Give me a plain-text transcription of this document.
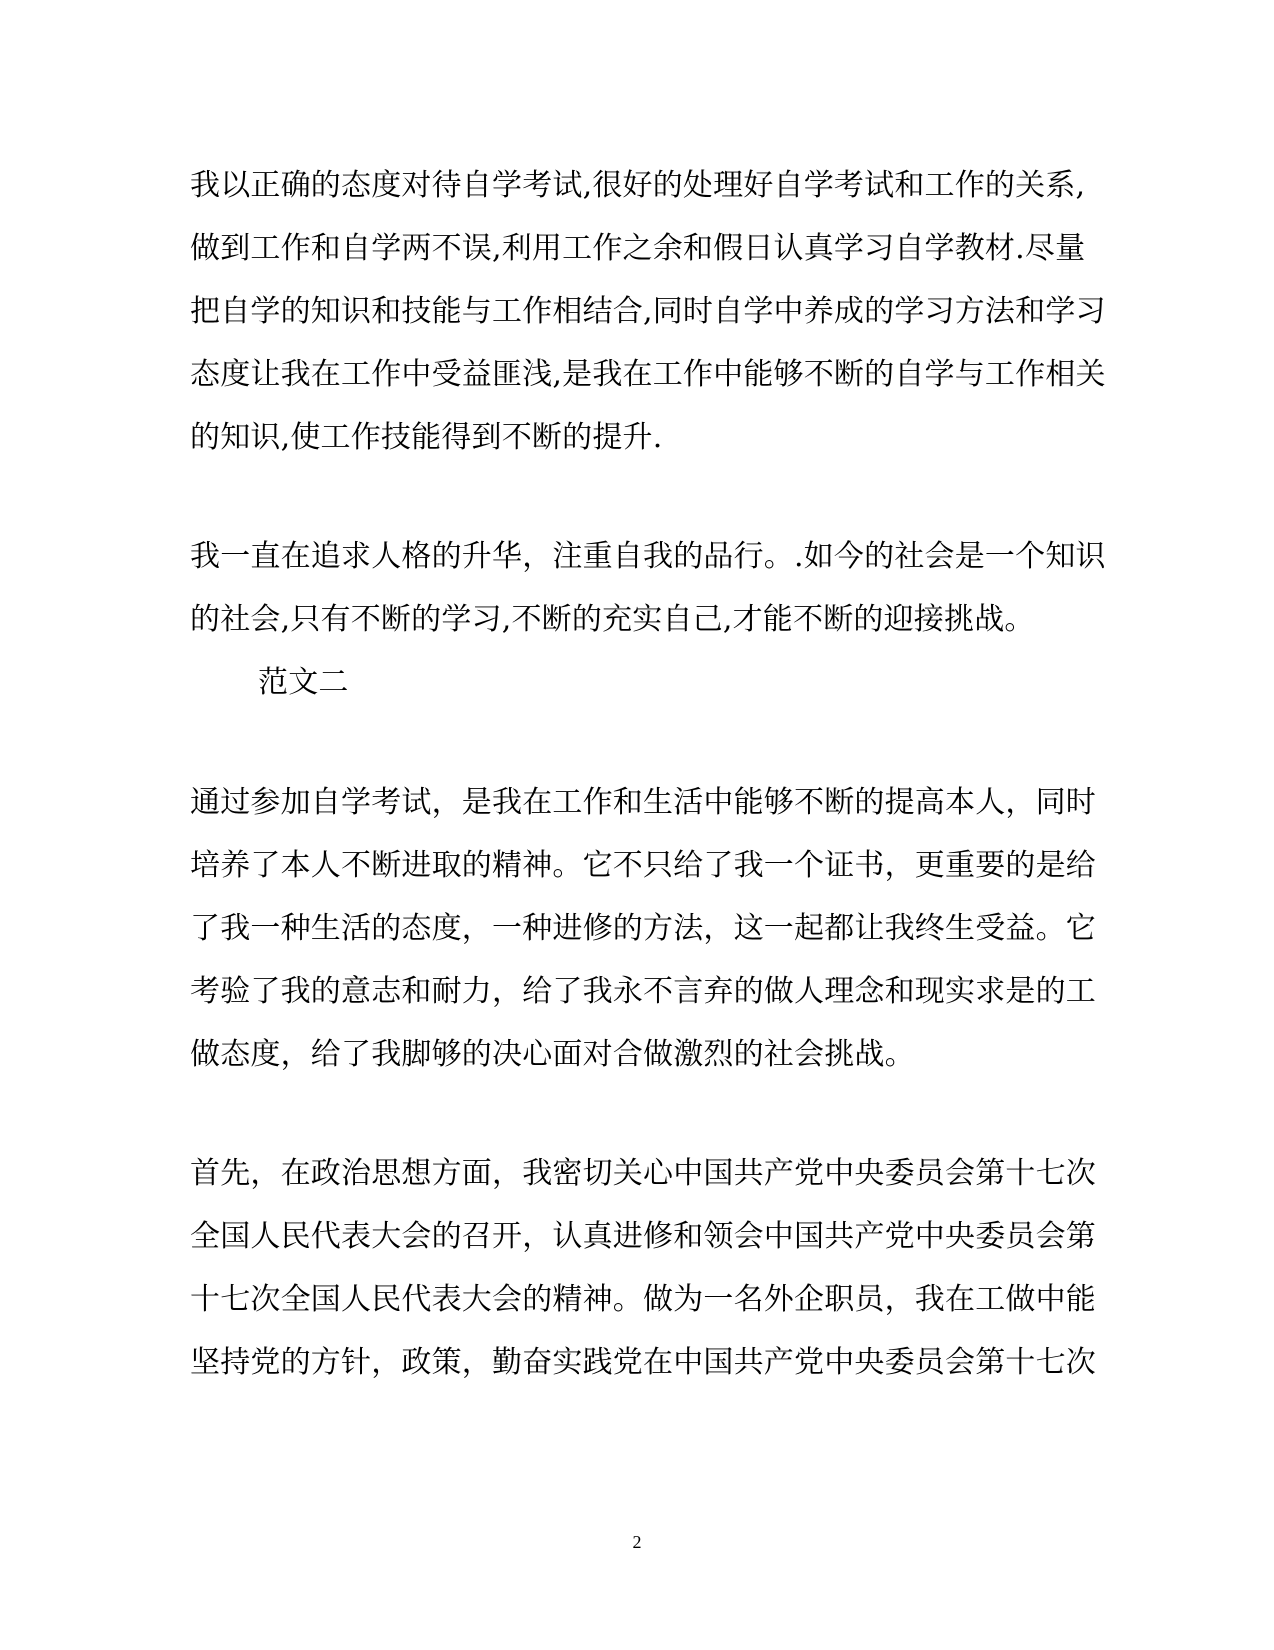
我以正确的态度对待自学考试,很好的处理好自学考试和工作的关系,
做到工作和自学两不误,利用工作之余和假日认真学习自学教材.尽量
把自学的知识和技能与工作相结合,同时自学中养成的学习方法和学习
态度让我在工作中受益匪浅,是我在工作中能够不断的自学与工作相关
的知识,使工作技能得到不断的提升.
我一直在追求人格的升华，注重自我的品行。.如今的社会是一个知识
的社会,只有不断的学习,不断的充实自己,才能不断的迎接挑战。
范文二
通过参加自学考试，是我在工作和生活中能够不断的提高本人，同时
培养了本人不断进取的精神。它不只给了我一个证书，更重要的是给
了我一种生活的态度，一种进修的方法，这一起都让我终生受益。它
考验了我的意志和耐力，给了我永不言弃的做人理念和现实求是的工
做态度，给了我脚够的决心面对合做激烈的社会挑战。
首先，在政治思想方面，我密切关心中国共产党中央委员会第十七次
全国人民代表大会的召开，认真进修和领会中国共产党中央委员会第
十七次全国人民代表大会的精神。做为一名外企职员，我在工做中能
坚持党的方针，政策，勤奋实践党在中国共产党中央委员会第十七次
2
